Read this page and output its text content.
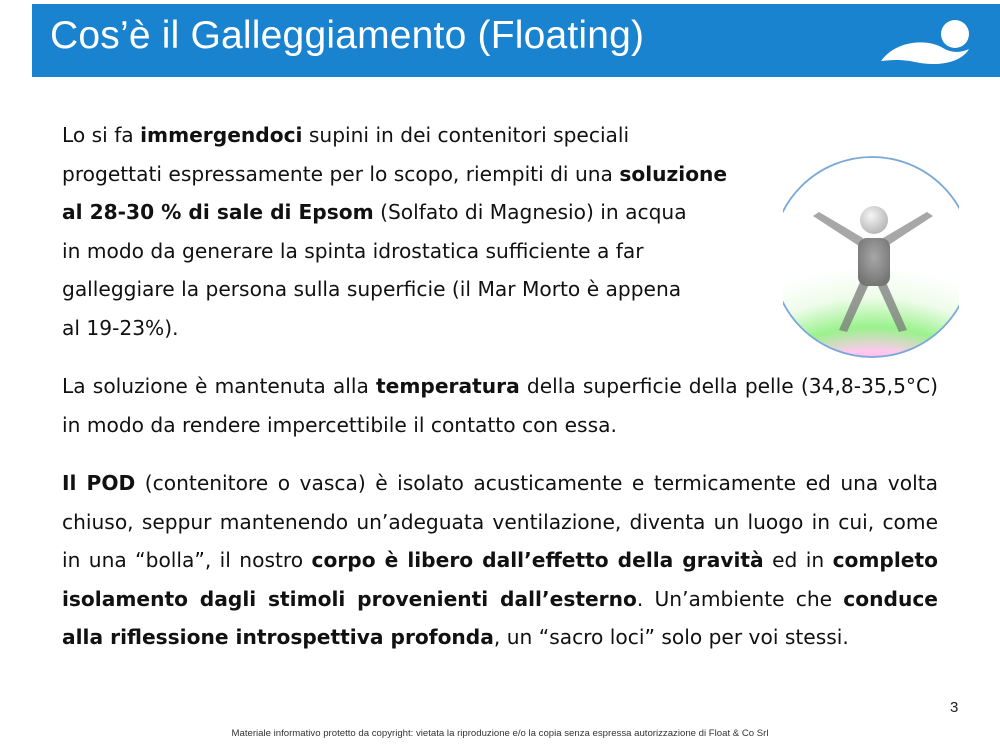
Cos’è il Galleggiamento (Floating)

Lo si fa immergendoci supini in dei contenitori speciali
progettati espressamente per lo scopo, riempiti di una soluzione
al 28-30 % di sale di Epsom (Solfato di Magnesio) in acqua
in modo da generare la spinta idrostatica sufficiente a far
galleggiare la persona sulla superficie (il Mar Morto è appena
al 19-23%).

La soluzione è mantenuta alla temperatura della superficie della pelle (34,8-35,5°C) in modo da rendere impercettibile il contatto con essa.

Il POD (contenitore o vasca) è isolato acusticamente e termicamente ed una volta chiuso, seppur mantenendo un’adeguata ventilazione, diventa un luogo in cui, come in una “bolla”, il nostro corpo è libero dall’effetto della gravità ed in completo isolamento dagli stimoli provenienti dall’esterno. Un’ambiente che conduce alla riflessione introspettiva profonda, un “sacro loci” solo per voi stessi.

3
Materiale informativo protetto da copyright: vietata la riproduzione e/o la copia senza espressa autorizzazione di Float & Co Srl
